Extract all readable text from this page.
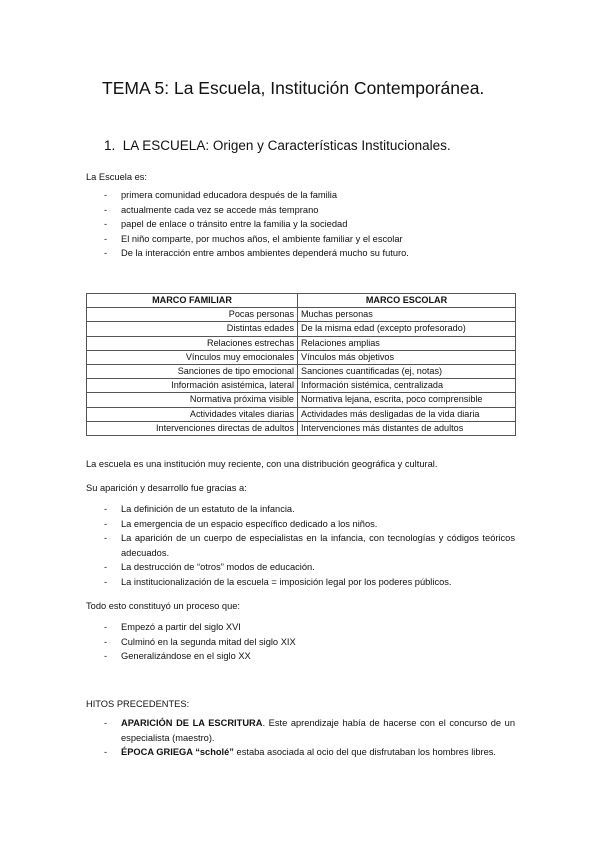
TEMA 5: La Escuela, Institución Contemporánea.
1. LA ESCUELA: Origen y Características Institucionales.
La Escuela es:
- primera comunidad educadora después de la familia
- actualmente cada vez se accede más temprano
- papel de enlace o tránsito entre la familia y la sociedad
- El niño comparte, por muchos años, el ambiente familiar y el escolar
- De la interacción entre ambos ambientes dependerá mucho su futuro.
MARCO FAMILIAR	MARCO ESCOLAR
Pocas personas	Muchas personas
Distintas edades	De la misma edad (excepto profesorado)
Relaciones estrechas	Relaciones amplias
Vínculos muy emocionales	Vínculos más objetivos
Sanciones de tipo emocional	Sanciones cuantificadas (ej, notas)
Información asistémica, lateral	Información sistémica, centralizada
Normativa próxima visible	Normativa lejana, escrita, poco comprensible
Actividades vitales diarias	Actividades más desligadas de la vida diaria
Intervenciones directas de adultos	Intervenciones más distantes de adultos
La escuela es una institución muy reciente, con una distribución geográfica y cultural.
Su aparición y desarrollo fue gracias a:
- La definición de un estatuto de la infancia.
- La emergencia de un espacio específico dedicado a los niños.
-	La aparición de un cuerpo de especialistas en la infancia, con tecnologías y códigos teóricos adecuados.
- La destrucción de “otros” modos de educación.
- La institucionalización de la escuela = imposición legal por los poderes públicos.
Todo esto constituyó un proceso que:
- Empezó a partir del siglo XVI
- Culminó en la segunda mitad del siglo XIX
- Generalizándose en el siglo XX
HITOS PRECEDENTES:
-	APARICIÓN DE LA ESCRITURA. Este aprendizaje había de hacerse con el concurso de un especialista (maestro).
-	ÉPOCA GRIEGA “scholé” estaba asociada al ocio del que disfrutaban los hombres libres.
